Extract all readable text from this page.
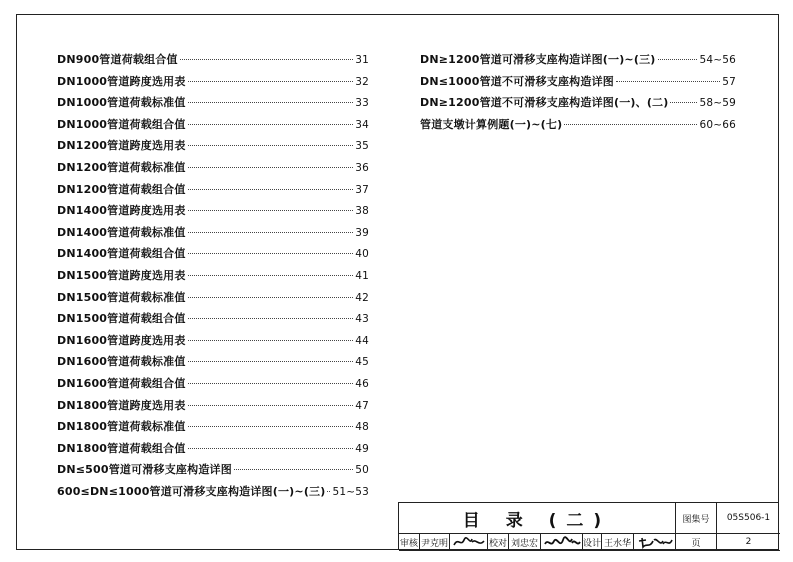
DN900管道荷载组合值	31
DN1000管道跨度选用表	32
DN1000管道荷载标准值	33
DN1000管道荷载组合值	34
DN1200管道跨度选用表	35
DN1200管道荷载标准值	36
DN1200管道荷载组合值	37
DN1400管道跨度选用表	38
DN1400管道荷载标准值	39
DN1400管道荷载组合值	40
DN1500管道跨度选用表	41
DN1500管道荷载标准值	42
DN1500管道荷载组合值	43
DN1600管道跨度选用表	44
DN1600管道荷载标准值	45
DN1600管道荷载组合值	46
DN1800管道跨度选用表	47
DN1800管道荷载标准值	48
DN1800管道荷载组合值	49
DN≤500管道可滑移支座构造详图	50
600≤DN≤1000管道可滑移支座构造详图(一)~(三) 51~53
DN≥1200管道可滑移支座构造详图(一)~(三)	54~56
DN≤1000管道不可滑移支座构造详图	57
DN≥1200管道不可滑移支座构造详图(一)、(二)	58~59
管道支墩计算例题(一)~(七)	60~66
目 录 (二)	图集号	05S506-1
审核 尹克明	校对 刘忠宏	设计 王水华	页	2
